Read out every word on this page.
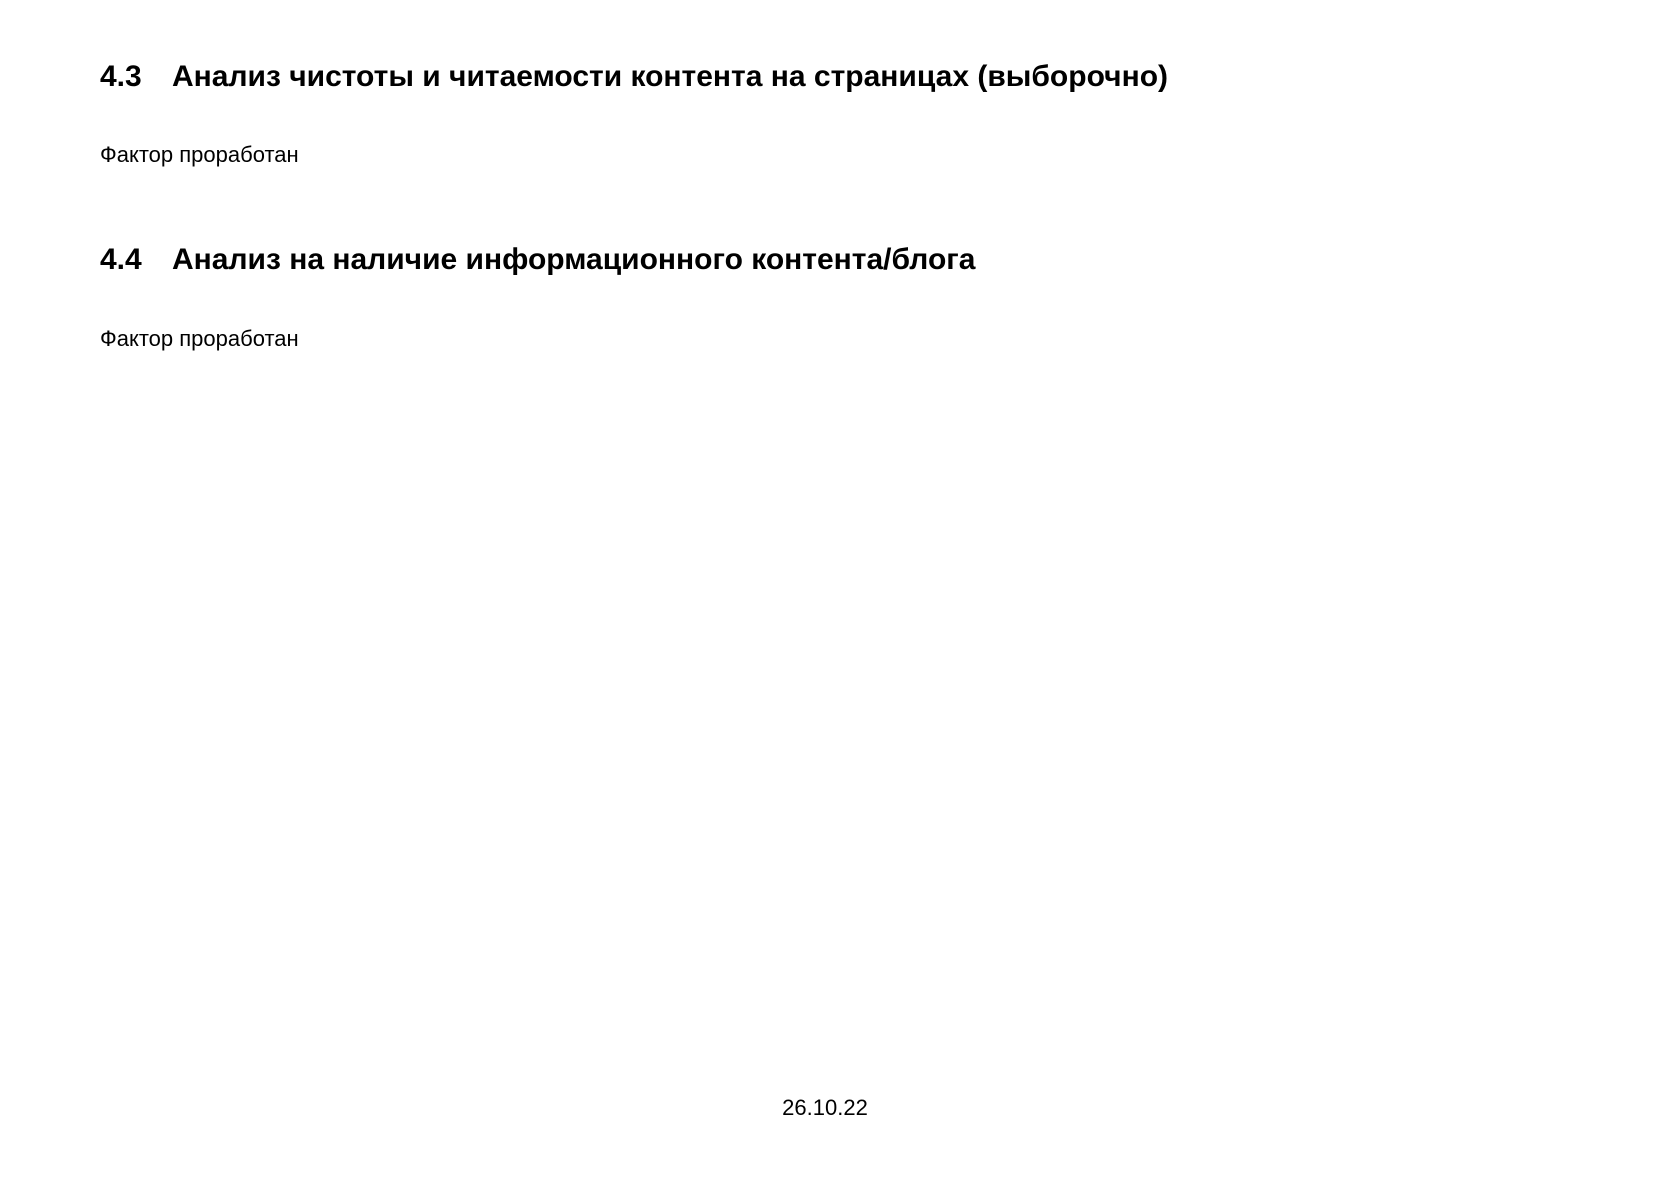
4.3 Анализ чистоты и читаемости контента на страницах (выборочно)

Фактор проработан

4.4 Анализ на наличие информационного контента/блога

Фактор проработан

26.10.22
